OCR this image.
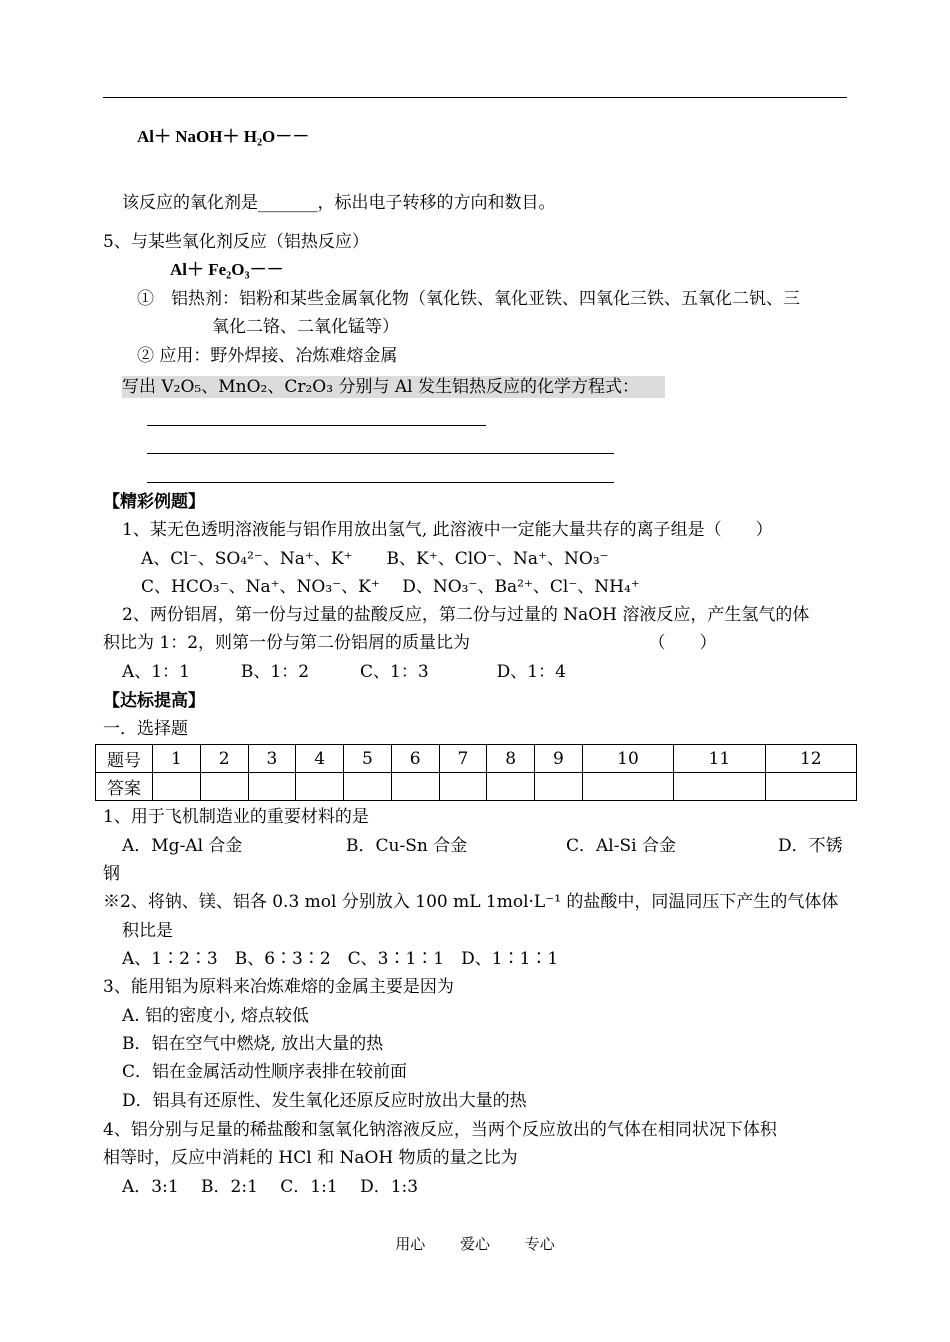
Al＋ NaOH＋ H₂O－－
该反应的氧化剂是_______，标出电子转移的方向和数目。
5、与某些氧化剂反应（铝热反应）
Al＋ Fe₂O₃－－
①　铝热剂：铝粉和某些金属氧化物（氧化铁、氧化亚铁、四氧化三铁、五氧化二钒、三
氧化二铬、二氧化锰等）
② 应用：野外焊接、冶炼难熔金属
写出 V₂O₅、MnO₂、Cr₂O₃ 分别与 Al 发生铝热反应的化学方程式：
【精彩例题】
1、某无色透明溶液能与铝作用放出氢气, 此溶液中一定能大量共存的离子组是（　　）
A、Cl⁻、SO₄²⁻、Na⁺、K⁺　　B、K⁺、ClO⁻、Na⁺、NO₃⁻
C、HCO₃⁻、Na⁺、NO₃⁻、K⁺　 D、NO₃⁻、Ba²⁺、Cl⁻、NH₄⁺
2、两份铝屑，第一份与过量的盐酸反应，第二份与过量的 NaOH 溶液反应，产生氢气的体
积比为 1：2，则第一份与第二份铝屑的质量比为　　　　　　　　　　　（　　）
A、1：1　　　B、1：2　　　C、1：3　　　　D、1：4
【达标提高】
一．选择题
题号	1	2	3	4	5	6	7	8	9	10	11	12
答案												
1、用于飞机制造业的重要材料的是
A．Mg-Al 合金	B．Cu-Sn 合金	C．Al-Si 合金	D．不锈
钢
※2、将钠、镁、铝各 0.3 mol 分别放入 100 mL 1mol·L⁻¹ 的盐酸中，同温同压下产生的气体体
积比是
A、1∶2∶3　B、6∶3∶2　C、3∶1∶1　D、1∶1∶1
3、能用铝为原料来冶炼难熔的金属主要是因为
A. 铝的密度小, 熔点较低
B．铝在空气中燃烧, 放出大量的热
C．铝在金属活动性顺序表排在较前面
D．铝具有还原性、发生氧化还原反应时放出大量的热
4、铝分别与足量的稀盐酸和氢氧化钠溶液反应，当两个反应放出的气体在相同状况下体积
相等时，反应中消耗的 HCl 和 NaOH 物质的量之比为
A．3:1　 B．2:1　 C．1:1　 D．1:3
用心 爱心 专心
